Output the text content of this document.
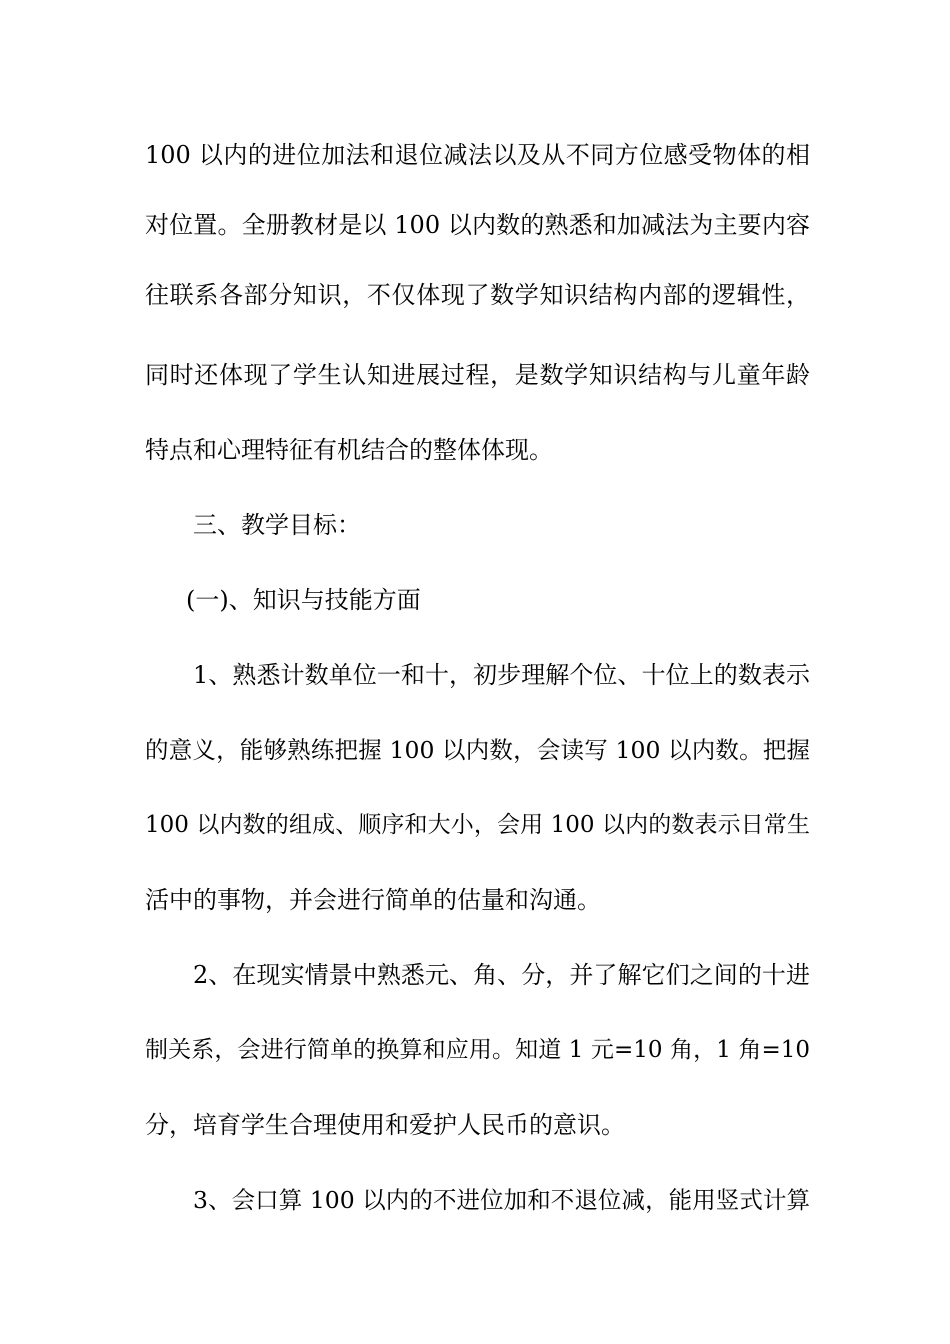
100 以内的进位加法和退位减法以及从不同方位感受物体的相
对位置。全册教材是以 100 以内数的熟悉和加减法为主要内容
往联系各部分知识，不仅体现了数学知识结构内部的逻辑性，
同时还体现了学生认知进展过程，是数学知识结构与儿童年龄
特点和心理特征有机结合的整体体现。
三、教学目标：
(一)、知识与技能方面
1、熟悉计数单位一和十，初步理解个位、十位上的数表示
的意义，能够熟练把握 100 以内数，会读写 100 以内数。把握
100 以内数的组成、顺序和大小，会用 100 以内的数表示日常生
活中的事物，并会进行简单的估量和沟通。
2、在现实情景中熟悉元、角、分，并了解它们之间的十进
制关系，会进行简单的换算和应用。知道 1 元=10 角，1 角=10
分，培育学生合理使用和爱护人民币的意识。
3、会口算 100 以内的不进位加和不退位减，能用竖式计算
